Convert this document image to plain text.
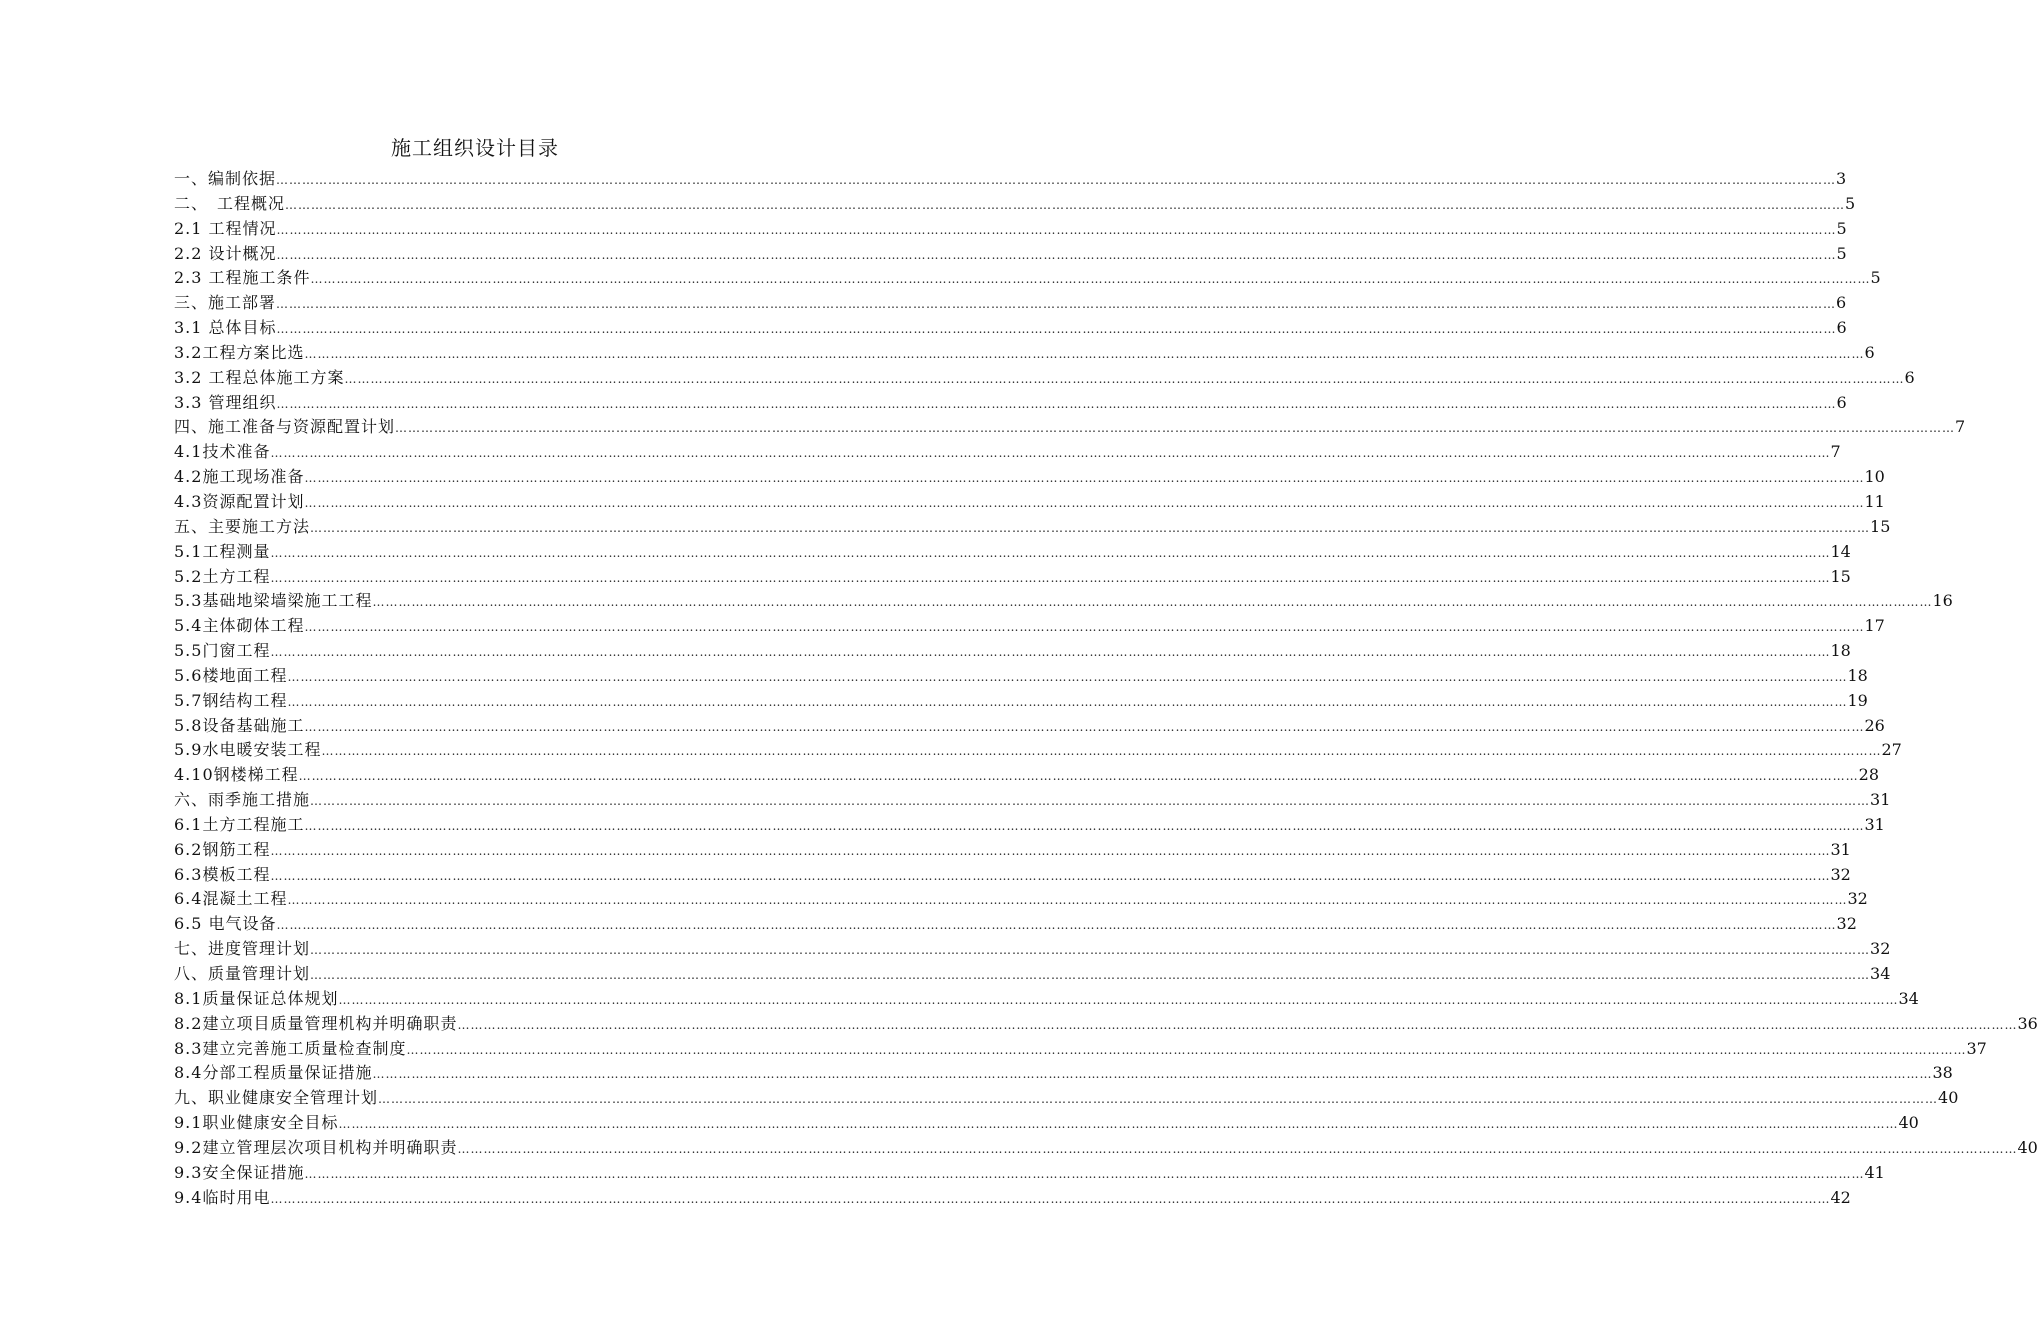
施工组织设计目录
一、编制依据 ……………………………………………………………………………………………………………………………………………………………………………………………………………………………………………………………………………………………………………………………… 3
二、　工程概况 ……………………………………………………………………………………………………………………………………………………………………………………………………………………………………………………………………………………………………………………………… 5
2.1 工程情况 ……………………………………………………………………………………………………………………………………………………………………………………………………………………………………………………………………………………………………………………………… 5
2.2 设计概况 ……………………………………………………………………………………………………………………………………………………………………………………………………………………………………………………………………………………………………………………………… 5
2.3 工程施工条件 ……………………………………………………………………………………………………………………………………………………………………………………………………………………………………………………………………………………………………………………………… 5
三、施工部署 ……………………………………………………………………………………………………………………………………………………………………………………………………………………………………………………………………………………………………………………………… 6
3.1 总体目标 ……………………………………………………………………………………………………………………………………………………………………………………………………………………………………………………………………………………………………………………………… 6
3.2工程方案比选 ……………………………………………………………………………………………………………………………………………………………………………………………………………………………………………………………………………………………………………………………… 6
3.2 工程总体施工方案 ……………………………………………………………………………………………………………………………………………………………………………………………………………………………………………………………………………………………………………………………… 6
3.3 管理组织 ……………………………………………………………………………………………………………………………………………………………………………………………………………………………………………………………………………………………………………………………… 6
四、施工准备与资源配置计划 ……………………………………………………………………………………………………………………………………………………………………………………………………………………………………………………………………………………………………………………………… 7
4.1技术准备 ……………………………………………………………………………………………………………………………………………………………………………………………………………………………………………………………………………………………………………………………… 7
4.2施工现场准备 ……………………………………………………………………………………………………………………………………………………………………………………………………………………………………………………………………………………………………………………………… 10
4.3资源配置计划 ……………………………………………………………………………………………………………………………………………………………………………………………………………………………………………………………………………………………………………………………… 11
五、主要施工方法 ……………………………………………………………………………………………………………………………………………………………………………………………………………………………………………………………………………………………………………………………… 15
5.1工程测量 ……………………………………………………………………………………………………………………………………………………………………………………………………………………………………………………………………………………………………………………………… 14
5.2土方工程 ……………………………………………………………………………………………………………………………………………………………………………………………………………………………………………………………………………………………………………………………… 15
5.3基础地梁墙梁施工工程 ……………………………………………………………………………………………………………………………………………………………………………………………………………………………………………………………………………………………………………………………… 16
5.4主体砌体工程 ……………………………………………………………………………………………………………………………………………………………………………………………………………………………………………………………………………………………………………………………… 17
5.5门窗工程 ……………………………………………………………………………………………………………………………………………………………………………………………………………………………………………………………………………………………………………………………… 18
5.6楼地面工程 ……………………………………………………………………………………………………………………………………………………………………………………………………………………………………………………………………………………………………………………………… 18
5.7钢结构工程 ……………………………………………………………………………………………………………………………………………………………………………………………………………………………………………………………………………………………………………………………… 19
5.8设备基础施工 ……………………………………………………………………………………………………………………………………………………………………………………………………………………………………………………………………………………………………………………………… 26
5.9水电暖安装工程 ……………………………………………………………………………………………………………………………………………………………………………………………………………………………………………………………………………………………………………………………… 27
4.10钢楼梯工程 ……………………………………………………………………………………………………………………………………………………………………………………………………………………………………………………………………………………………………………………………… 28
六、雨季施工措施 ……………………………………………………………………………………………………………………………………………………………………………………………………………………………………………………………………………………………………………………………… 31
6.1土方工程施工 ……………………………………………………………………………………………………………………………………………………………………………………………………………………………………………………………………………………………………………………………… 31
6.2钢筋工程 ……………………………………………………………………………………………………………………………………………………………………………………………………………………………………………………………………………………………………………………………… 31
6.3模板工程 ……………………………………………………………………………………………………………………………………………………………………………………………………………………………………………………………………………………………………………………………… 32
6.4混凝土工程 ……………………………………………………………………………………………………………………………………………………………………………………………………………………………………………………………………………………………………………………………… 32
6.5 电气设备 ……………………………………………………………………………………………………………………………………………………………………………………………………………………………………………………………………………………………………………………………… 32
七、进度管理计划 ……………………………………………………………………………………………………………………………………………………………………………………………………………………………………………………………………………………………………………………………… 32
八、质量管理计划 ……………………………………………………………………………………………………………………………………………………………………………………………………………………………………………………………………………………………………………………………… 34
8.1质量保证总体规划 ……………………………………………………………………………………………………………………………………………………………………………………………………………………………………………………………………………………………………………………………… 34
8.2建立项目质量管理机构并明确职责 ……………………………………………………………………………………………………………………………………………………………………………………………………………………………………………………………………………………………………………………………… 36
8.3建立完善施工质量检查制度 ……………………………………………………………………………………………………………………………………………………………………………………………………………………………………………………………………………………………………………………………… 37
8.4分部工程质量保证措施 ……………………………………………………………………………………………………………………………………………………………………………………………………………………………………………………………………………………………………………………………… 38
九、职业健康安全管理计划 ……………………………………………………………………………………………………………………………………………………………………………………………………………………………………………………………………………………………………………………………… 40
9.1职业健康安全目标 ……………………………………………………………………………………………………………………………………………………………………………………………………………………………………………………………………………………………………………………………… 40
9.2建立管理层次项目机构并明确职责 ……………………………………………………………………………………………………………………………………………………………………………………………………………………………………………………………………………………………………………………………… 40
9.3安全保证措施 ……………………………………………………………………………………………………………………………………………………………………………………………………………………………………………………………………………………………………………………………… 41
9.4临时用电 ……………………………………………………………………………………………………………………………………………………………………………………………………………………………………………………………………………………………………………………………… 42
